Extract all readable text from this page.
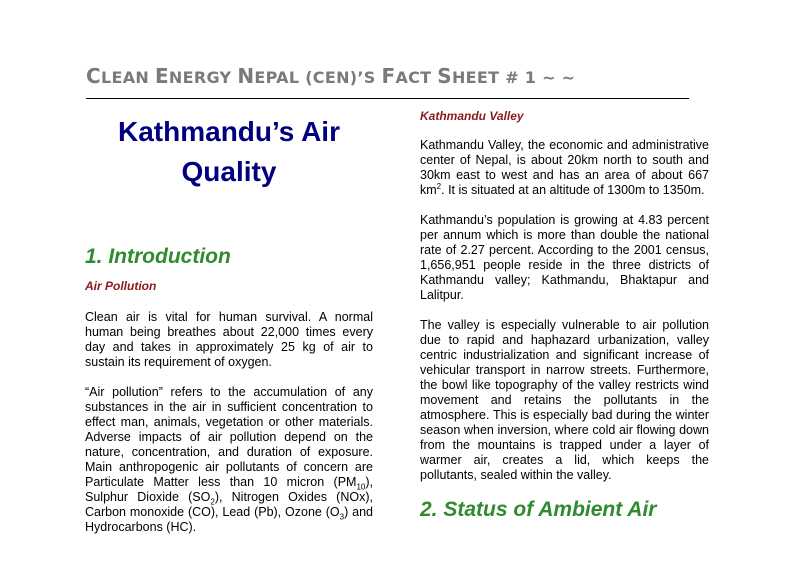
CLEAN ENERGY NEPAL (CEN)’S FACT SHEET # 1 ~ ~
Kathmandu’s Air
Quality
1. Introduction
Air Pollution

Clean air is vital for human survival. A normal human being breathes about 22,000 times every day and takes in approximately 25 kg of air to sustain its requirement of oxygen.

“Air pollution” refers to the accumulation of any substances in the air in sufficient concentration to effect man, animals, vegetation or other materials. Adverse impacts of air pollution depend on the nature, concentration, and duration of exposure. Main anthropogenic air pollutants of concern are Particulate Matter less than 10 micron $(PM_{10})$, Sulphur Dioxide $(SO_2)$, Nitrogen Oxides (NOx), Carbon monoxide (CO), Lead (Pb), Ozone $(O_3)$ and Hydrocarbons (HC).

Kathmandu Valley

Kathmandu Valley, the economic and administrative center of Nepal, is about 20km north to south and 30km east to west and has an area of about 667 $km^2$. It is situated at an altitude of 1300m to 1350m.

Kathmandu’s population is growing at 4.83 percent per annum which is more than double the national rate of 2.27 percent. According to the 2001 census, 1,656,951 people reside in the three districts of Kathmandu valley; Kathmandu, Bhaktapur and Lalitpur.

The valley is especially vulnerable to air pollution due to rapid and haphazard urbanization, valley centric industrialization and significant increase of vehicular transport in narrow streets. Furthermore, the bowl like topography of the valley restricts wind movement and retains the pollutants in the atmosphere. This is especially bad during the winter season when inversion, where cold air flowing down from the mountains is trapped under a layer of warmer air, creates a lid, which keeps the pollutants, sealed within the valley.

2. Status of Ambient Air
